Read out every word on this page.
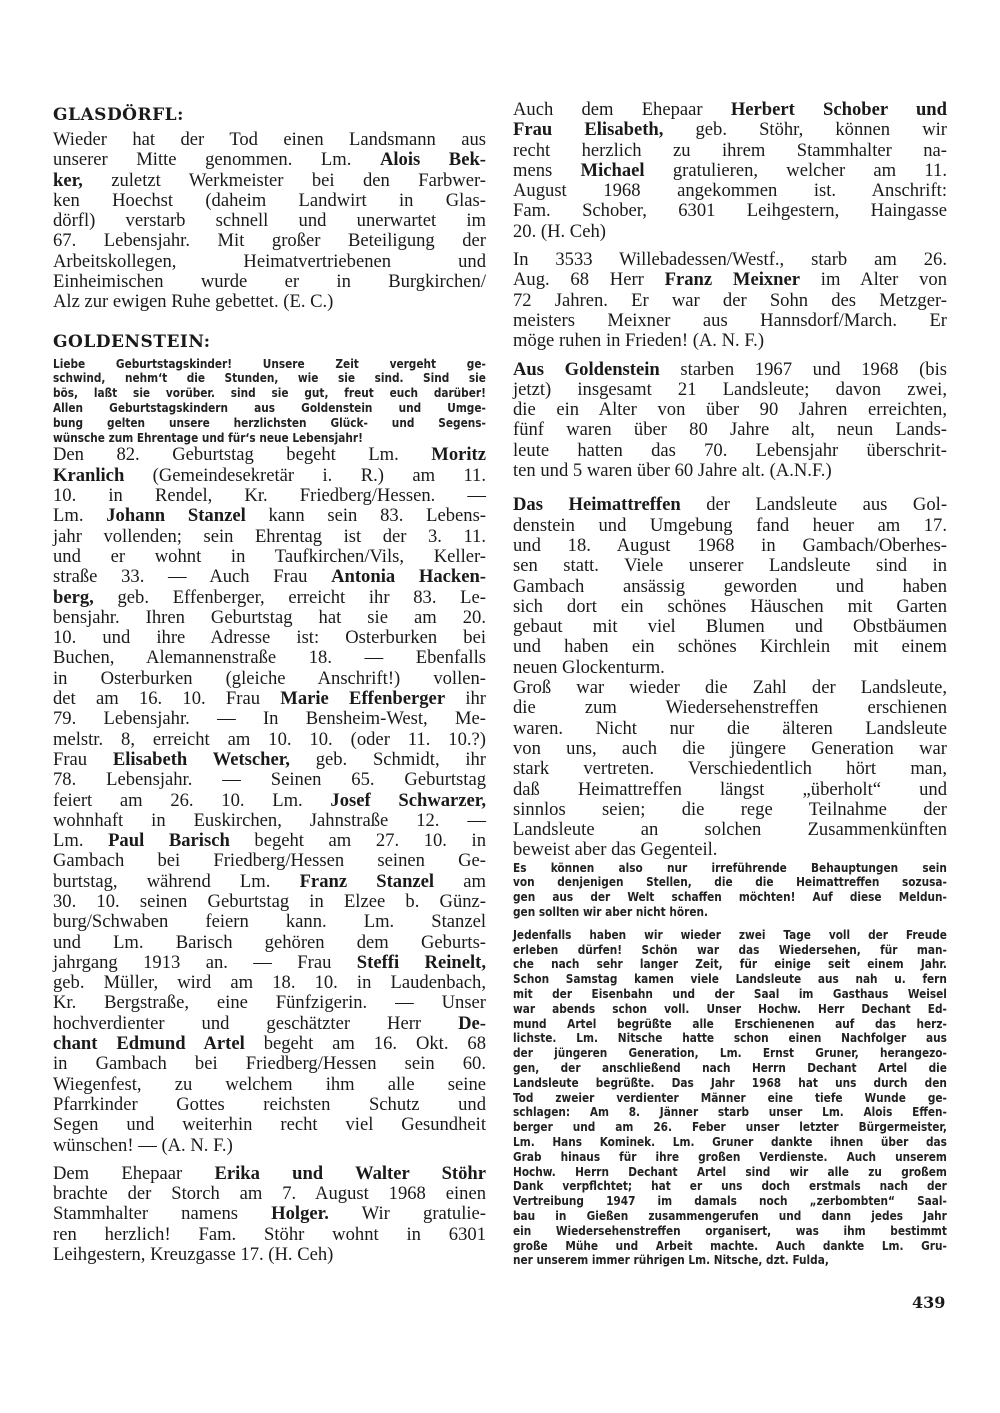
GLASDÖRFL:
Wieder hat der Tod einen Landsmann aus
unserer Mitte genommen. Lm. Alois Bek-
ker, zuletzt Werkmeister bei den Farbwer-
ken Hoechst (daheim Landwirt in Glas-
dörfl) verstarb schnell und unerwartet im
67. Lebensjahr. Mit großer Beteiligung der
Arbeitskollegen, Heimatvertriebenen und
Einheimischen wurde er in Burgkirchen/
Alz zur ewigen Ruhe gebettet. (E. C.)
GOLDENSTEIN:
Liebe Geburtstagskinder! Unsere Zeit vergeht ge-
schwind, nehm‘t die Stunden, wie sie sind. Sind sie
bös, laßt sie vorüber. sind sie gut, freut euch darüber!
Allen Geburtstagskindern aus Goldenstein und Umge-
bung gelten unsere herzlichsten Glück- und Segens-
wünsche zum Ehrentage und für‘s neue Lebensjahr!
Den 82. Geburtstag begeht Lm. Moritz
Kranlich (Gemeindesekretär i. R.) am 11.
10. in Rendel, Kr. Friedberg/Hessen. —
Lm. Johann Stanzel kann sein 83. Lebens-
jahr vollenden; sein Ehrentag ist der 3. 11.
und er wohnt in Taufkirchen/Vils, Keller-
straße 33. — Auch Frau Antonia Hacken-
berg, geb. Effenberger, erreicht ihr 83. Le-
bensjahr. Ihren Geburtstag hat sie am 20.
10. und ihre Adresse ist: Osterburken bei
Buchen, Alemannenstraße 18. — Ebenfalls
in Osterburken (gleiche Anschrift!) vollen-
det am 16. 10. Frau Marie Effenberger ihr
79. Lebensjahr. — In Bensheim-West, Me-
melstr. 8, erreicht am 10. 10. (oder 11. 10.?)
Frau Elisabeth Wetscher, geb. Schmidt, ihr
78. Lebensjahr. — Seinen 65. Geburtstag
feiert am 26. 10. Lm. Josef Schwarzer,
wohnhaft in Euskirchen, Jahnstraße 12. —
Lm. Paul Barisch begeht am 27. 10. in
Gambach bei Friedberg/Hessen seinen Ge-
burtstag, während Lm. Franz Stanzel am
30. 10. seinen Geburtstag in Elzee b. Günz-
burg/Schwaben feiern kann. Lm. Stanzel
und Lm. Barisch gehören dem Geburts-
jahrgang 1913 an. — Frau Steffi Reinelt,
geb. Müller, wird am 18. 10. in Laudenbach,
Kr. Bergstraße, eine Fünfzigerin. — Unser
hochverdienter und geschätzter Herr De-
chant Edmund Artel begeht am 16. Okt. 68
in Gambach bei Friedberg/Hessen sein 60.
Wiegenfest, zu welchem ihm alle seine
Pfarrkinder Gottes reichsten Schutz und
Segen und weiterhin recht viel Gesundheit
wünschen! — (A. N. F.)
Dem Ehepaar Erika und Walter Stöhr
brachte der Storch am 7. August 1968 einen
Stammhalter namens Holger. Wir gratulie-
ren herzlich! Fam. Stöhr wohnt in 6301
Leihgestern, Kreuzgasse 17. (H. Ceh)
Auch dem Ehepaar Herbert Schober und
Frau Elisabeth, geb. Stöhr, können wir
recht herzlich zu ihrem Stammhalter na-
mens Michael gratulieren, welcher am 11.
August 1968 angekommen ist. Anschrift:
Fam. Schober, 6301 Leihgestern, Haingasse
20. (H. Ceh)
In 3533 Willebadessen/Westf., starb am 26.
Aug. 68 Herr Franz Meixner im Alter von
72 Jahren. Er war der Sohn des Metzger-
meisters Meixner aus Hannsdorf/March. Er
möge ruhen in Frieden! (A. N. F.)
Aus Goldenstein starben 1967 und 1968 (bis
jetzt) insgesamt 21 Landsleute; davon zwei,
die ein Alter von über 90 Jahren erreichten,
fünf waren über 80 Jahre alt, neun Lands-
leute hatten das 70. Lebensjahr überschrit-
ten und 5 waren über 60 Jahre alt. (A.N.F.)
Das Heimattreffen der Landsleute aus Gol-
denstein und Umgebung fand heuer am 17.
und 18. August 1968 in Gambach/Oberhes-
sen statt. Viele unserer Landsleute sind in
Gambach ansässig geworden und haben
sich dort ein schönes Häuschen mit Garten
gebaut mit viel Blumen und Obstbäumen
und haben ein schönes Kirchlein mit einem
neuen Glockenturm.
Groß war wieder die Zahl der Landsleute,
die zum Wiedersehenstreffen erschienen
waren. Nicht nur die älteren Landsleute
von uns, auch die jüngere Generation war
stark vertreten. Verschiedentlich hört man,
daß Heimattreffen längst „überholt“ und
sinnlos seien; die rege Teilnahme der
Landsleute an solchen Zusammenkünften
beweist aber das Gegenteil.
Es können also nur irreführende Behauptungen sein
von denjenigen Stellen, die die Heimattreffen sozusa-
gen aus der Welt schaffen möchten! Auf diese Meldun-
gen sollten wir aber nicht hören.
Jedenfalls haben wir wieder zwei Tage voll der Freude
erleben dürfen! Schön war das Wiedersehen, für man-
che nach sehr langer Zeit, für einige seit einem Jahr.
Schon Samstag kamen viele Landsleute aus nah u. fern
mit der Eisenbahn und der Saal im Gasthaus Weisel
war abends schon voll. Unser Hochw. Herr Dechant Ed-
mund Artel begrüßte alle Erschienenen auf das herz-
lichste. Lm. Nitsche hatte schon einen Nachfolger aus
der jüngeren Generation, Lm. Ernst Gruner, herangezo-
gen, der anschließend nach Herrn Dechant Artel die
Landsleute begrüßte. Das Jahr 1968 hat uns durch den
Tod zweier verdienter Männer eine tiefe Wunde ge-
schlagen: Am 8. Jänner starb unser Lm. Alois Effen-
berger und am 26. Feber unser letzter Bürgermeister,
Lm. Hans Kominek. Lm. Gruner dankte ihnen über das
Grab hinaus für ihre großen Verdienste. Auch unserem
Hochw. Herrn Dechant Artel sind wir alle zu großem
Dank verpflchtet; hat er uns doch erstmals nach der
Vertreibung 1947 im damals noch „zerbombten“ Saal-
bau in Gießen zusammengerufen und dann jedes Jahr
ein Wiedersehenstreffen organisert, was ihm bestimmt
große Mühe und Arbeit machte. Auch dankte Lm. Gru-
ner unserem immer rührigen Lm. Nitsche, dzt. Fulda,
439
